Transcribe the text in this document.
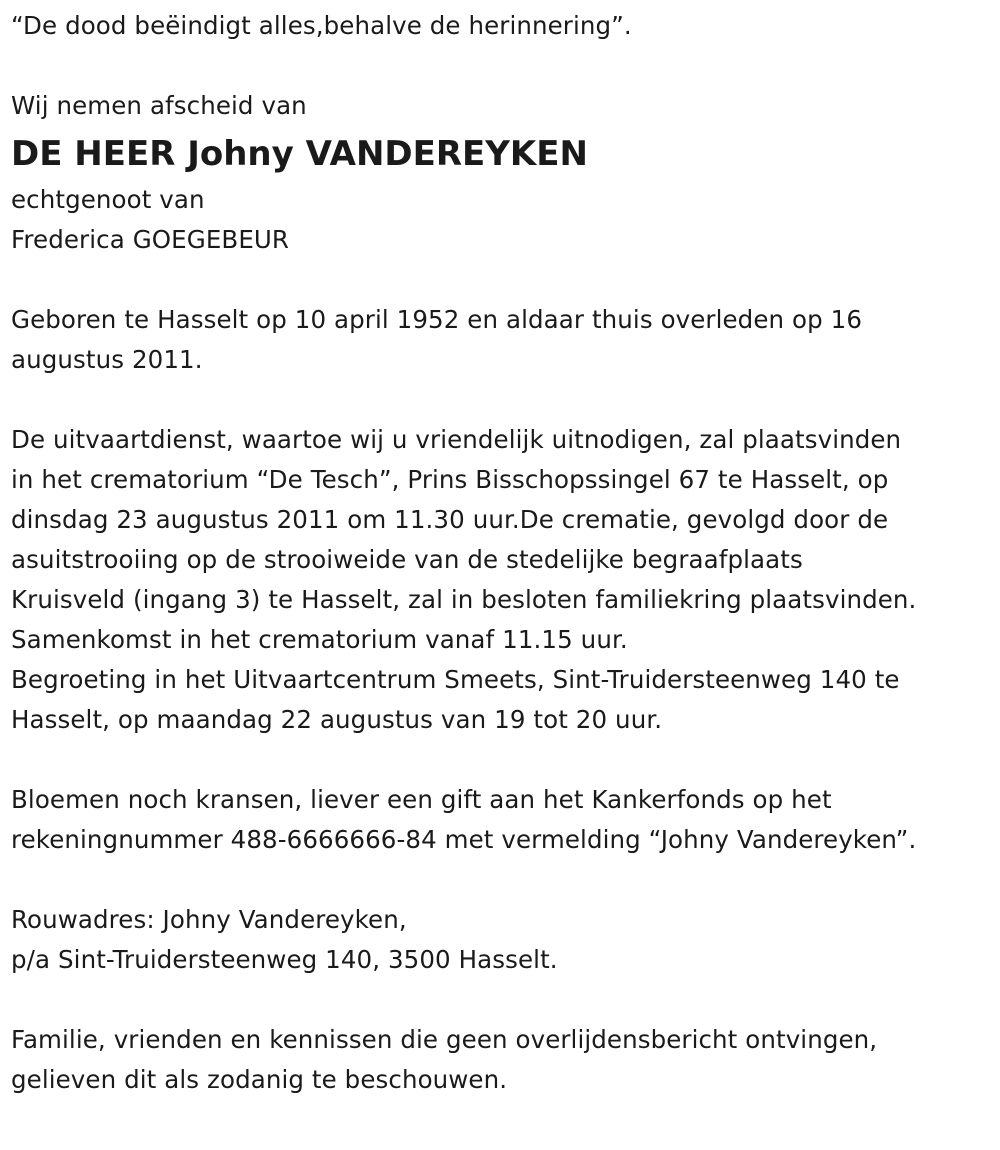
“De dood beëindigt alles,behalve de herinnering”.
Wij nemen afscheid van
DE HEER Johny VANDEREYKEN
echtgenoot van
Frederica GOEGEBEUR
Geboren te Hasselt op 10 april 1952 en aldaar thuis overleden op 16
augustus 2011.
De uitvaartdienst, waartoe wij u vriendelijk uitnodigen, zal plaatsvinden
in het crematorium “De Tesch”, Prins Bisschopssingel 67 te Hasselt, op
dinsdag 23 augustus 2011 om 11.30 uur.De crematie, gevolgd door de
asuitstrooiing op de strooiweide van de stedelijke begraafplaats
Kruisveld (ingang 3) te Hasselt, zal in besloten familiekring plaatsvinden.
Samenkomst in het crematorium vanaf 11.15 uur.
Begroeting in het Uitvaartcentrum Smeets, Sint-Truidersteenweg 140 te
Hasselt, op maandag 22 augustus van 19 tot 20 uur.
Bloemen noch kransen, liever een gift aan het Kankerfonds op het
rekeningnummer 488-6666666-84 met vermelding “Johny Vandereyken”.
Rouwadres: Johny Vandereyken,
p/a Sint-Truidersteenweg 140, 3500 Hasselt.
Familie, vrienden en kennissen die geen overlijdensbericht ontvingen,
gelieven dit als zodanig te beschouwen.
